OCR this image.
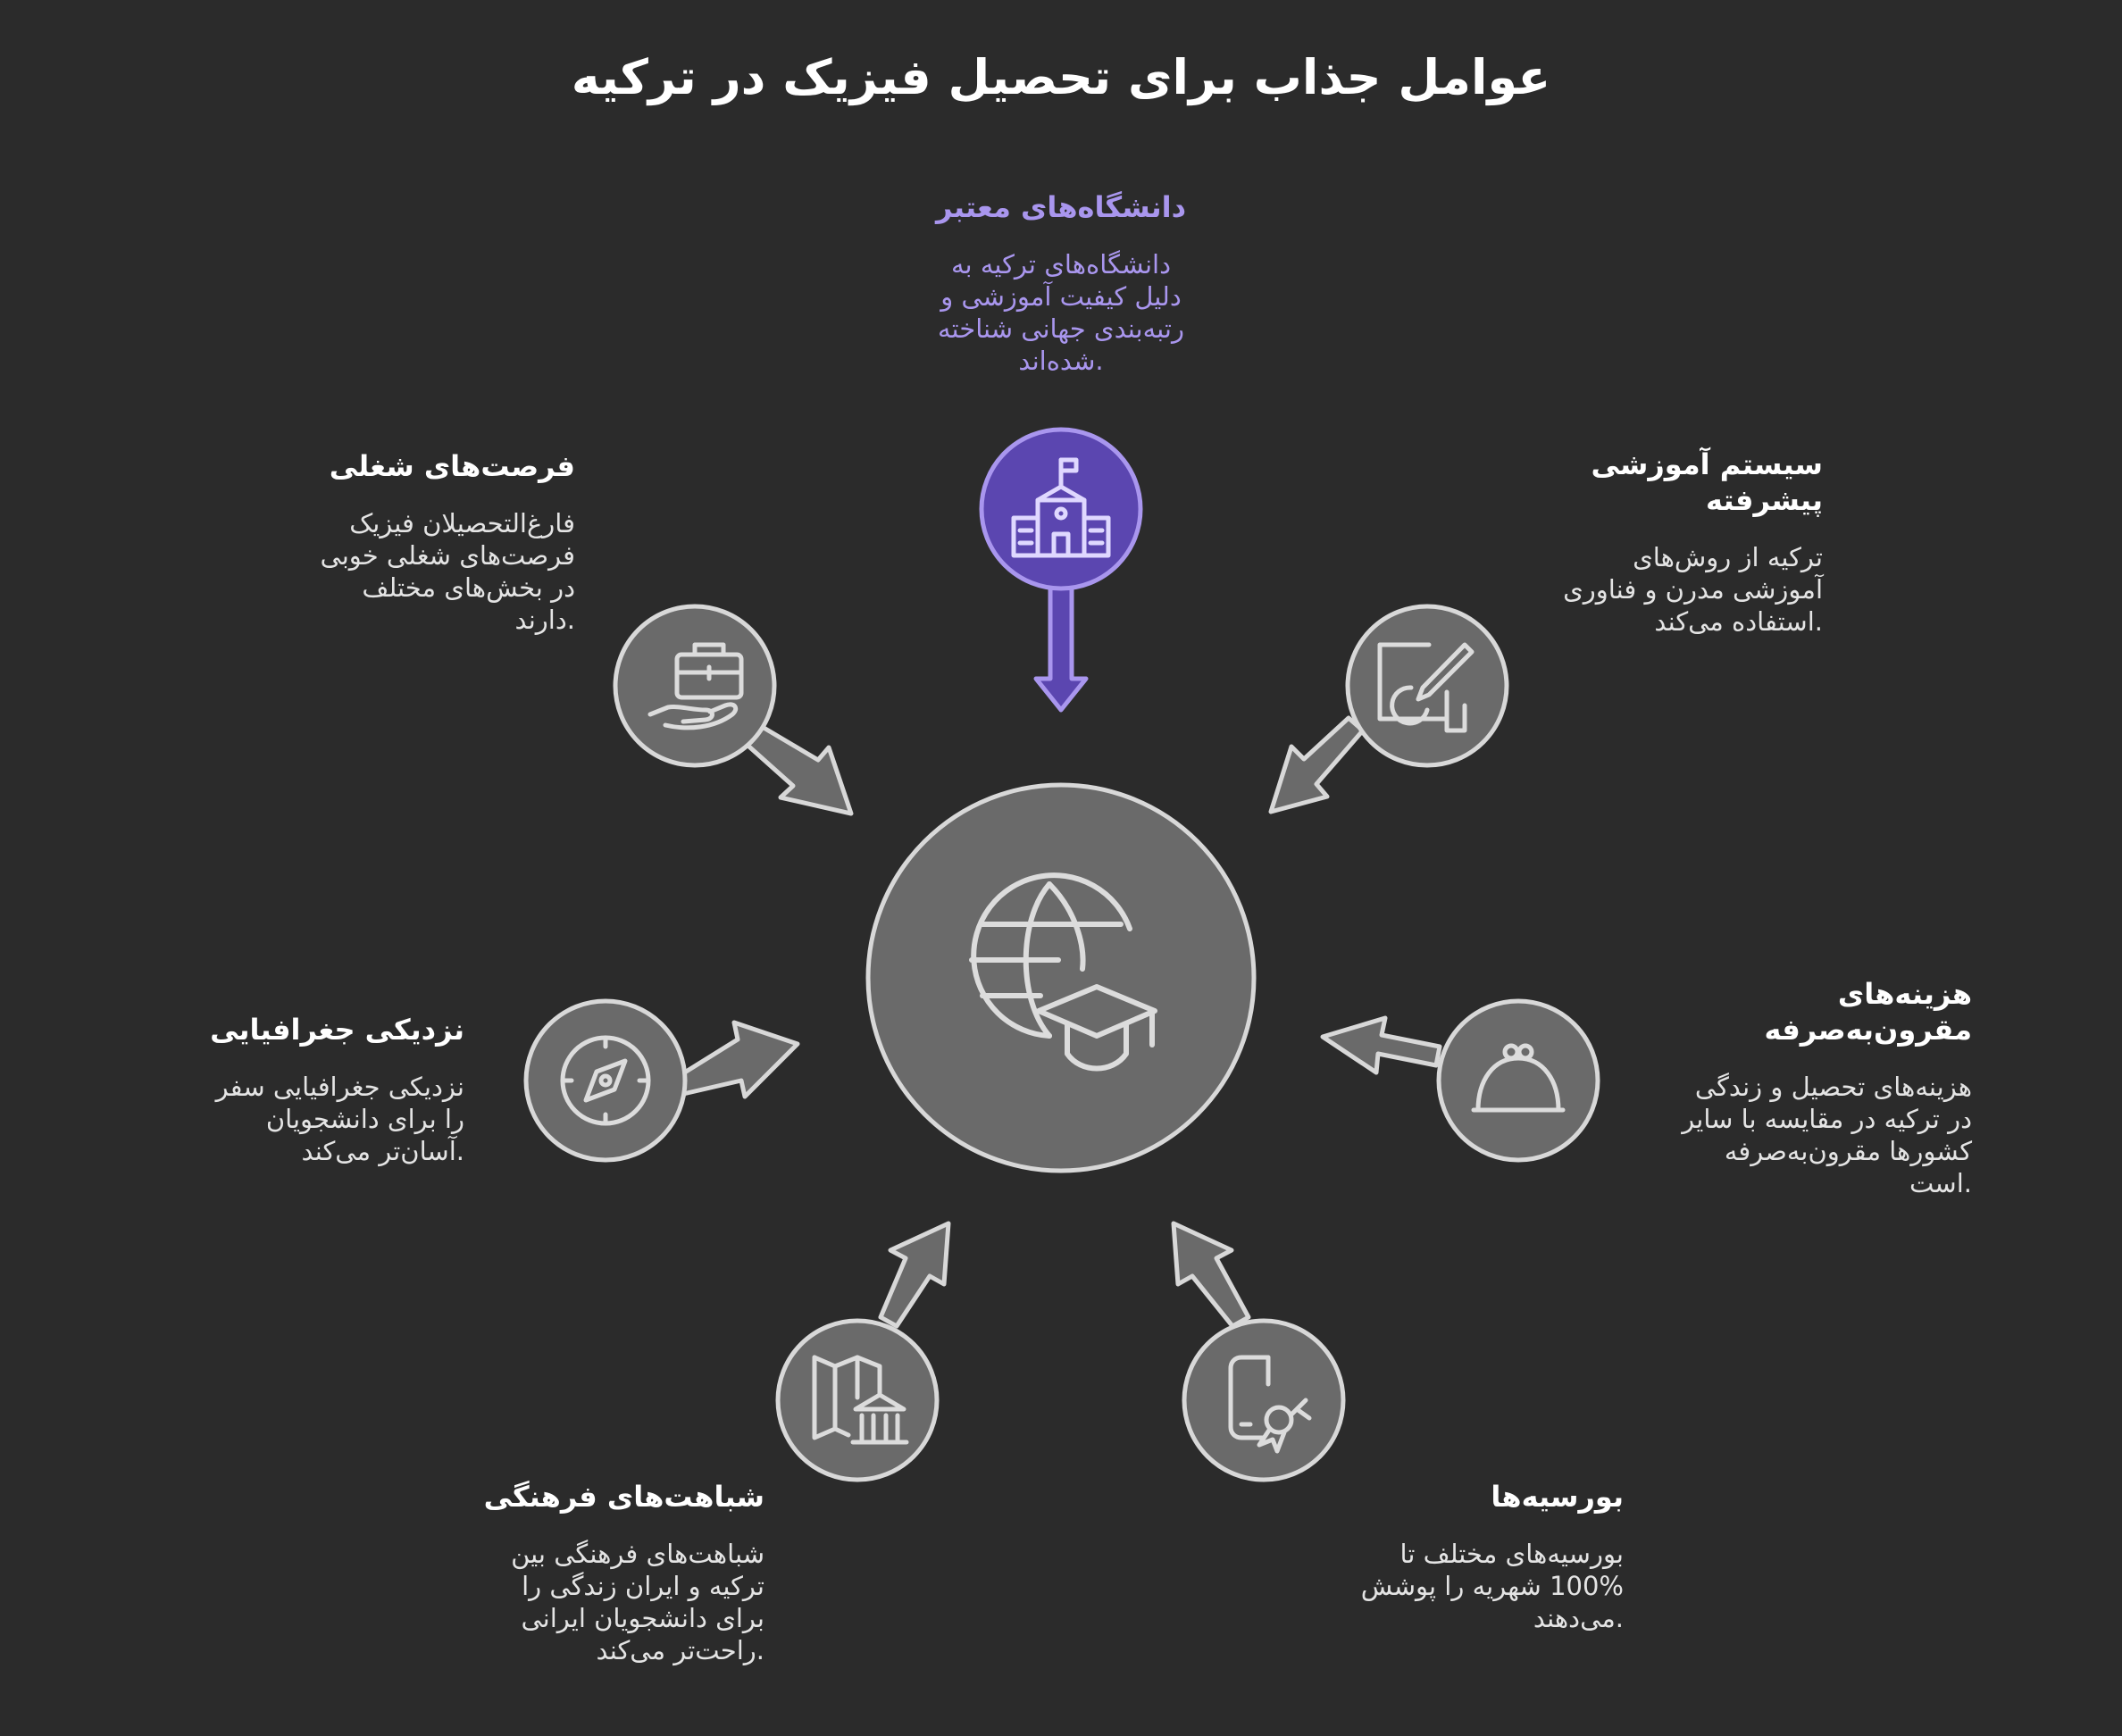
عوامل جذاب برای تحصیل فیزیک در ترکیه
دانشگاه‌های معتبر
دانشگاه‌های ترکیه به
دلیل کیفیت آموزشی و
رتبه‌بندی جهانی شناخته
.شده‌اند
سیستم آموزشی
پیشرفته
ترکیه از روش‌های
آموزشی مدرن و فناوری
.استفاده می‌کند
هزینه‌های
مقرون‌به‌صرفه
هزینه‌های تحصیل و زندگی
در ترکیه در مقایسه با سایر
کشورها مقرون‌به‌صرفه
.است
بورسیه‌ها
بورسیه‌های مختلف تا
100% شهریه را پوشش
.می‌دهند
شباهت‌های فرهنگی
شباهت‌های فرهنگی بین
ترکیه و ایران زندگی را
برای دانشجویان ایرانی
.راحت‌تر می‌کند
نزدیکی جغرافیایی
نزدیکی جغرافیایی سفر
را برای دانشجویان
.آسان‌تر می‌کند
فرصت‌های شغلی
فارغ‌التحصیلان فیزیک
فرصت‌های شغلی خوبی
در بخش‌های مختلف
.دارند
